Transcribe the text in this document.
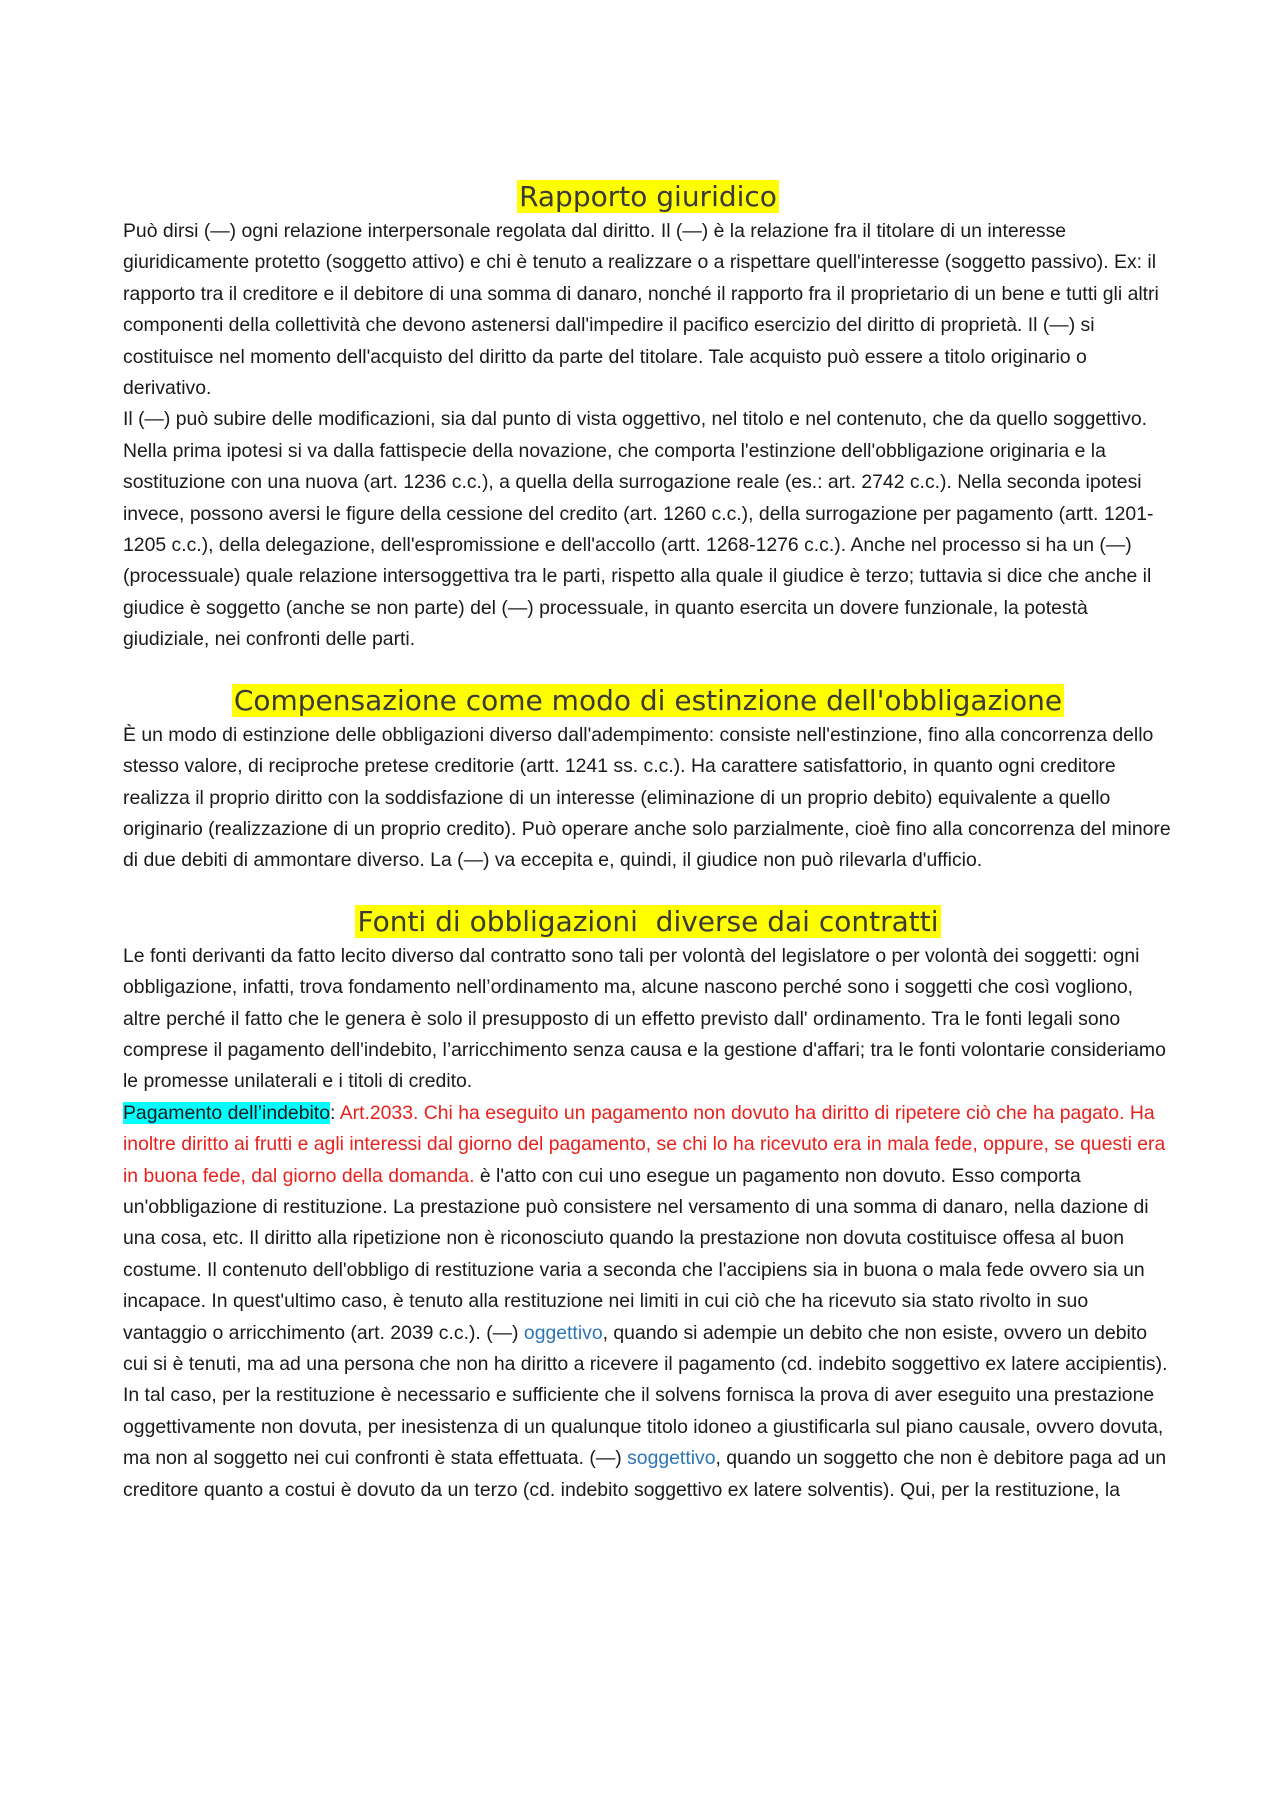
Rapporto giuridico

Può dirsi (—) ogni relazione interpersonale regolata dal diritto. Il (—) è la relazione fra il titolare di un interesse giuridicamente protetto (soggetto attivo) e chi è tenuto a realizzare o a rispettare quell'interesse (soggetto passivo). Ex: il rapporto tra il creditore e il debitore di una somma di danaro, nonché il rapporto fra il proprietario di un bene e tutti gli altri componenti della collettività che devono astenersi dall'impedire il pacifico esercizio del diritto di proprietà. Il (—) si costituisce nel momento dell'acquisto del diritto da parte del titolare. Tale acquisto può essere a titolo originario o derivativo.

Il (—) può subire delle modificazioni, sia dal punto di vista oggettivo, nel titolo e nel contenuto, che da quello soggettivo. Nella prima ipotesi si va dalla fattispecie della novazione, che comporta l'estinzione dell'obbligazione originaria e la sostituzione con una nuova (art. 1236 c.c.), a quella della surrogazione reale (es.: art. 2742 c.c.). Nella seconda ipotesi invece, possono aversi le figure della cessione del credito (art. 1260 c.c.), della surrogazione per pagamento (artt. 1201-1205 c.c.), della delegazione, dell'espromissione e dell'accollo (artt. 1268-1276 c.c.). Anche nel processo si ha un (—) (processuale) quale relazione intersoggettiva tra le parti, rispetto alla quale il giudice è terzo; tuttavia si dice che anche il giudice è soggetto (anche se non parte) del (—) processuale, in quanto esercita un dovere funzionale, la potestà giudiziale, nei confronti delle parti.

Compensazione come modo di estinzione dell'obbligazione

È un modo di estinzione delle obbligazioni diverso dall'adempimento: consiste nell'estinzione, fino alla concorrenza dello stesso valore, di reciproche pretese creditorie (artt. 1241 ss. c.c.). Ha carattere satisfattorio, in quanto ogni creditore realizza il proprio diritto con la soddisfazione di un interesse (eliminazione di un proprio debito) equivalente a quello originario (realizzazione di un proprio credito). Può operare anche solo parzialmente, cioè fino alla concorrenza del minore di due debiti di ammontare diverso. La (—) va eccepita e, quindi, il giudice non può rilevarla d'ufficio.

Fonti di obbligazioni  diverse dai contratti

Le fonti derivanti da fatto lecito diverso dal contratto sono tali per volontà del legislatore o per volontà dei soggetti: ogni obbligazione, infatti, trova fondamento nell’ordinamento ma, alcune nascono perché sono i soggetti che così vogliono, altre perché il fatto che le genera è solo il presupposto di un effetto previsto dall' ordinamento. Tra le fonti legali sono comprese il pagamento dell'indebito, l’arricchimento senza causa e la gestione d'affari; tra le fonti volontarie consideriamo le promesse unilaterali e i titoli di credito.

Pagamento dell’indebito: Art.2033. Chi ha eseguito un pagamento non dovuto ha diritto di ripetere ciò che ha pagato. Ha inoltre diritto ai frutti e agli interessi dal giorno del pagamento, se chi lo ha ricevuto era in mala fede, oppure, se questi era in buona fede, dal giorno della domanda. è l'atto con cui uno esegue un pagamento non dovuto. Esso comporta un'obbligazione di restituzione. La prestazione può consistere nel versamento di una somma di danaro, nella dazione di una cosa, etc. Il diritto alla ripetizione non è riconosciuto quando la prestazione non dovuta costituisce offesa al buon costume. Il contenuto dell'obbligo di restituzione varia a seconda che l'accipiens sia in buona o mala fede ovvero sia un incapace. In quest'ultimo caso, è tenuto alla restituzione nei limiti in cui ciò che ha ricevuto sia stato rivolto in suo vantaggio o arricchimento (art. 2039 c.c.). (—) oggettivo, quando si adempie un debito che non esiste, ovvero un debito cui si è tenuti, ma ad una persona che non ha diritto a ricevere il pagamento (cd. indebito soggettivo ex latere accipientis). In tal caso, per la restituzione è necessario e sufficiente che il solvens fornisca la prova di aver eseguito una prestazione oggettivamente non dovuta, per inesistenza di un qualunque titolo idoneo a giustificarla sul piano causale, ovvero dovuta, ma non al soggetto nei cui confronti è stata effettuata. (—) soggettivo, quando un soggetto che non è debitore paga ad un creditore quanto a costui è dovuto da un terzo (cd. indebito soggettivo ex latere solventis). Qui, per la restituzione, la
